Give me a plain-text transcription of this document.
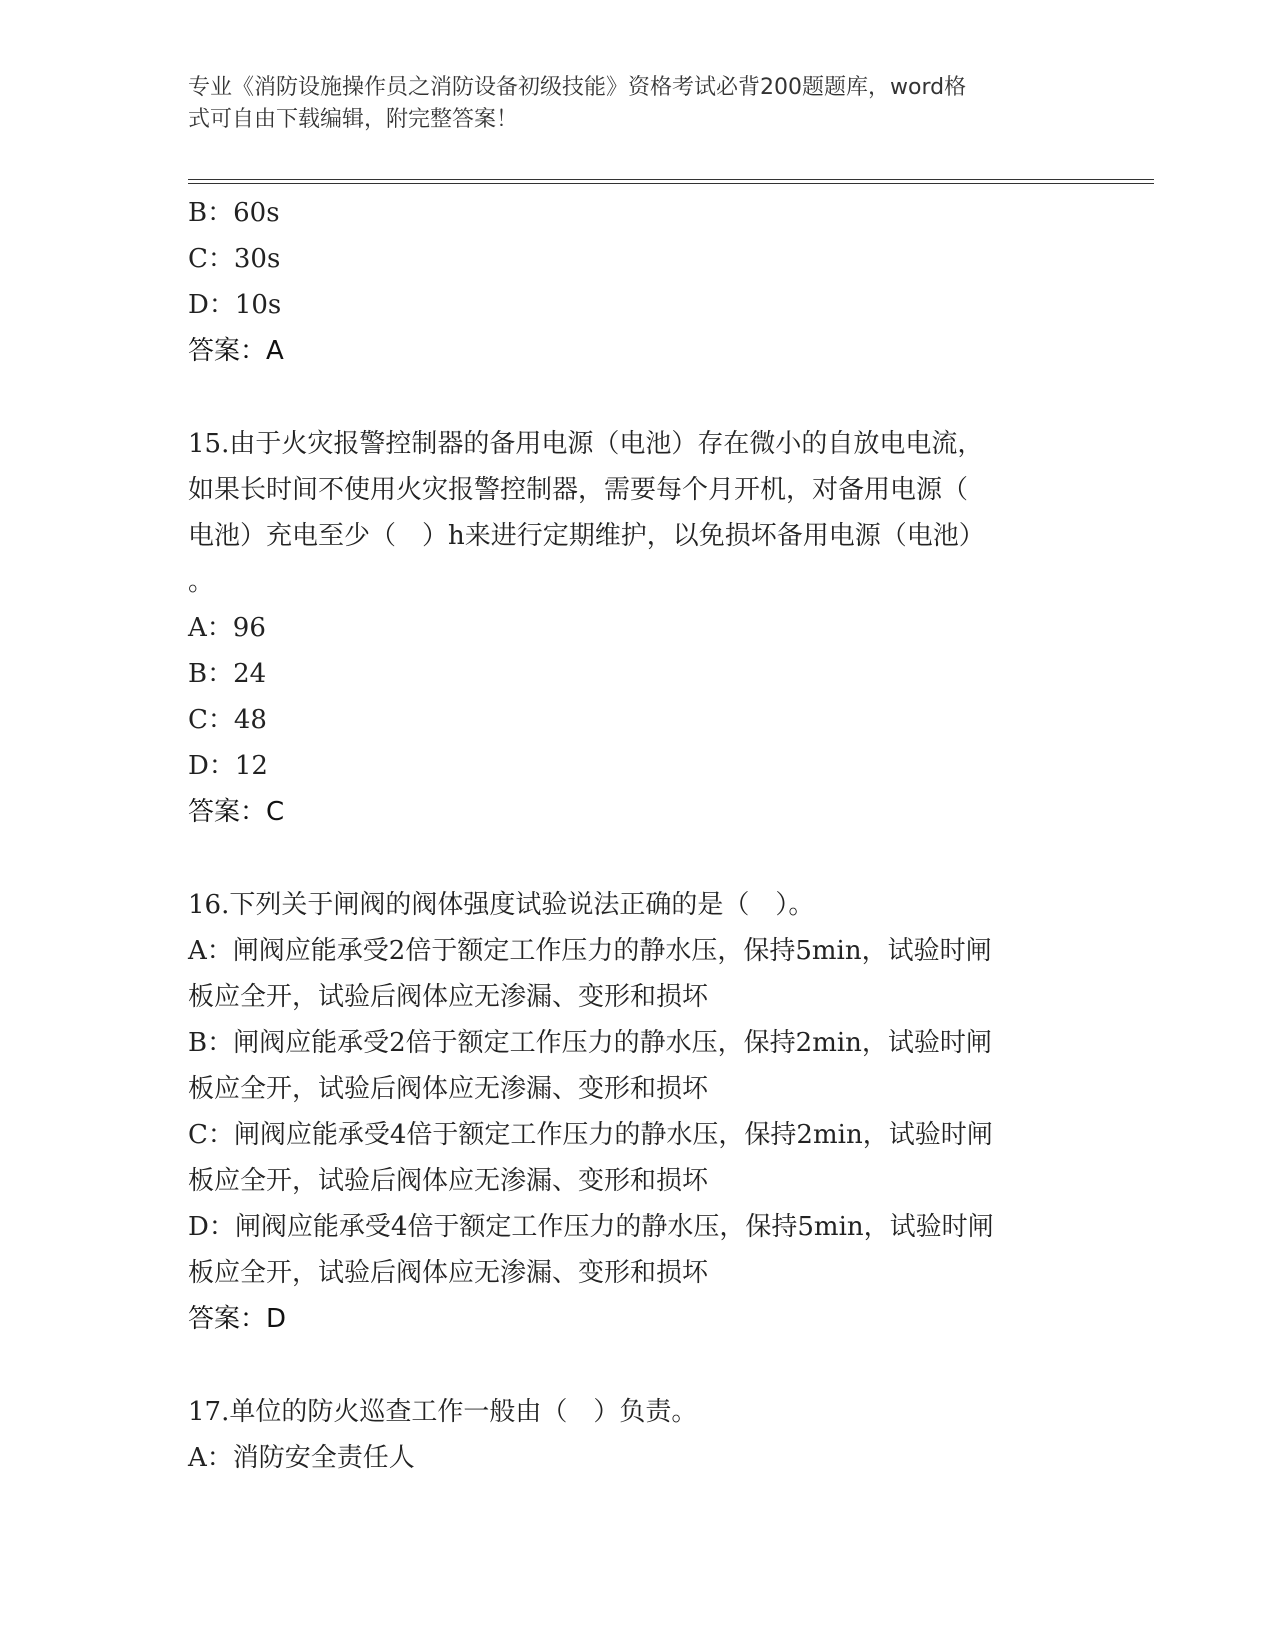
专业《消防设施操作员之消防设备初级技能》资格考试必背200题题库，word格
式可自由下载编辑，附完整答案！
B：60s
C：30s
D：10s
答案：A
15.由于火灾报警控制器的备用电源（电池）存在微小的自放电电流，
如果长时间不使用火灾报警控制器，需要每个月开机，对备用电源（
电池）充电至少（　）h来进行定期维护，以免损坏备用电源（电池）
。
A：96
B：24
C：48
D：12
答案：C
16.下列关于闸阀的阀体强度试验说法正确的是（　）。
A：闸阀应能承受2倍于额定工作压力的静水压，保持5min，试验时闸
板应全开，试验后阀体应无渗漏、变形和损坏
B：闸阀应能承受2倍于额定工作压力的静水压，保持2min，试验时闸
板应全开，试验后阀体应无渗漏、变形和损坏
C：闸阀应能承受4倍于额定工作压力的静水压，保持2min，试验时闸
板应全开，试验后阀体应无渗漏、变形和损坏
D：闸阀应能承受4倍于额定工作压力的静水压，保持5min，试验时闸
板应全开，试验后阀体应无渗漏、变形和损坏
答案：D
17.单位的防火巡查工作一般由（　）负责。
A：消防安全责任人
